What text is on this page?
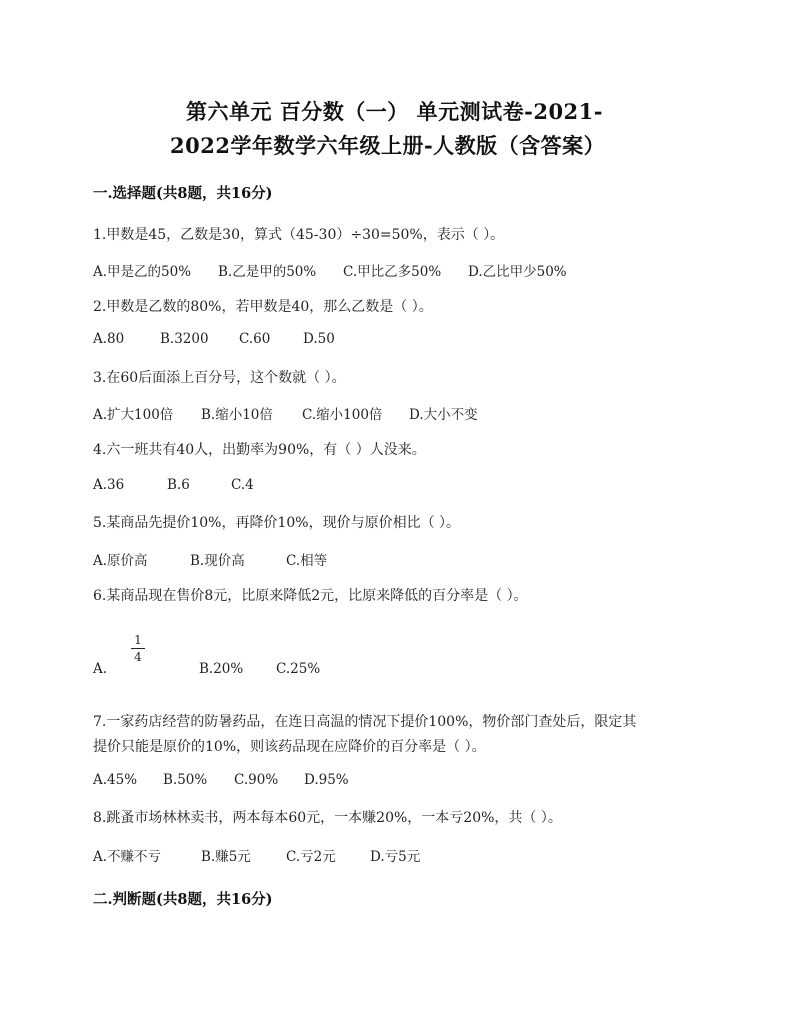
第六单元 百分数（一） 单元测试卷-2021-
2022学年数学六年级上册-人教版（含答案）
一.选择题(共8题，共16分)
1.甲数是45，乙数是30，算式（45-30）÷30=50%，表示（ ）。
A.甲是乙的50% B.乙是甲的50% C.甲比乙多50% D.乙比甲少50%
2.甲数是乙数的80%，若甲数是40，那么乙数是（ ）。
A.80	B.3200 C.60 D.50
3.在60后面添上百分号，这个数就（ ）。
A.扩大100倍 B.缩小10倍 C.缩小100倍 D.大小不变
4.六一班共有40人，出勤率为90%，有（ ）人没来。
A.36	B.6	C.4
5.某商品先提价10%，再降价10%，现价与原价相比（ ）。
A.原价高	B.现价高	C.相等
6.某商品现在售价8元，比原来降低2元，比原来降低的百分率是（ ）。
A.
1
4
B.20% C.25%
7.一家药店经营的防暑药品，在连日高温的情况下提价100%，物价部门查处后，限定其
提价只能是原价的10%，则该药品现在应降价的百分率是（ ）。
A.45% B.50% C.90% D.95%
8.跳蚤市场林林卖书，两本每本60元，一本赚20%，一本亏20%，共（ ）。
A.不赚不亏	B.赚5元	C.亏2元	D.亏5元
二.判断题(共8题，共16分)
